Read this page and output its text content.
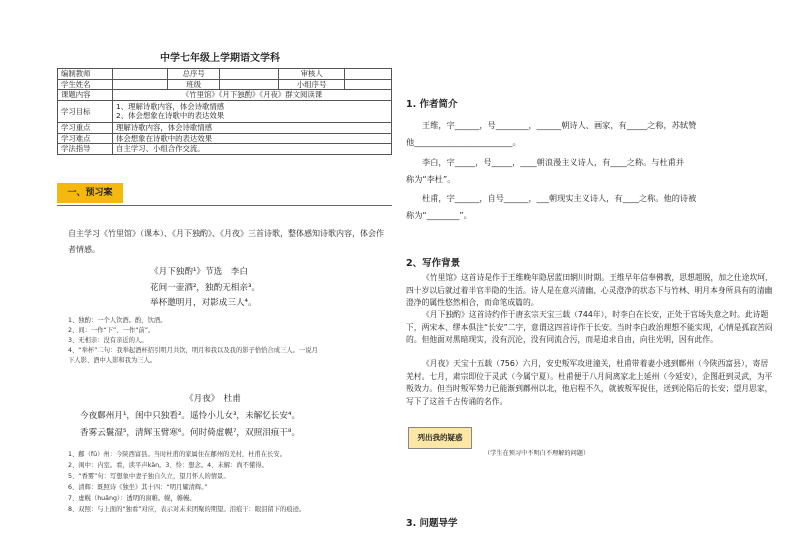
中学七年级上学期语文学科
编制教师		总序号		审核人	
学生姓名		班级		小组序号	
课题内容	《竹里馆》《月下独酌》《月夜》群文阅读课				
学习目标	1、理解诗歌内容，体会诗歌情感
2、体会想象在诗歌中的表达效果				

学习重点	理解诗歌内容，体会诗歌情感				
学习难点	体会想象在诗歌中的表达效果				
学法指导	自主学习、小组合作交流。				
一、预习案
自主学习《竹里馆》（课本）、《月下独酌》、《月夜》三首诗歌，整体感知诗歌内容，体会作者情感。
《月下独酌¹》节选　李白
花间一壶酒²，独酌无相亲³。
举杯邀明月，对影成三人⁴。
1、独酌：一个人饮酒。酌，饮酒。
2、间：一作“下”、一作“前”。
3、无相亲：没有亲近的人。
4、“举杯”二句：我举起酒杯招引明月共饮，明月和我以及我的影子恰恰合成三人。一说月
下人影、酒中人影和我为三人。
《月夜》　杜甫
今夜鄜州月¹，闺中只独看²。遥怜小儿女³，未解忆长安⁴。
香雾云鬟湿⁵，清辉玉臂寒⁶。何时倚虚幌⁷，双照泪痕干⁸。
1、鄜（fū）州：今陕西富县。当时杜甫的家属住在鄜州的羌村，杜甫在长安。
2、闺中：内室。看，读平声kān。3、怜：想念。4、未解：尚不懂得。
5、“香雾”句：写想象中妻子独自久立，望月怀人的情景。
6、清辉：既照诗《独坐》其十四：“明月耀清辉。”
7、虚幌（huǎng）：透明的窗帷。幌，帷幔。
8、双照：与上面的“独看”对应，表示对未来团聚的期望。泪痕干：眼泪留下的痕迹。
1. 作者简介
王维，字______，号________，______朝诗人、画家，有_____之称，苏轼赞
他________________________。
李白，字_____，号_____，____朝浪漫主义诗人，有____之称。与杜甫并
称为“李杜”。
杜甫，字______，自号______，___朝现实主义诗人，有____之称。他的诗被
称为“________”。
2、写作背景
《竹里馆》这首诗是作于王维晚年隐居蓝田辋川时期。王维早年信奉佛教，思想超脱，加之仕途坎坷，四十岁以后就过着半官半隐的生活。诗人是在意兴清幽、心灵澄净的状态下与竹林、明月本身所具有的清幽澄净的属性悠然相合，而命笔成篇的。
《月下独酌》这首诗约作于唐玄宗天宝三载（744年），时李白在长安，正处于官场失意之时。此诗题下，两宋本、缪本俱注“长安”二字，意谓这四首诗作于长安。当时李白政治理想不能实现，心情是孤寂苦闷的。但他面对黑暗现实，没有沉沦，没有同流合污，而是追求自由，向往光明，因有此作。
《月夜》天宝十五载（756）六月，安史叛军攻进潼关，杜甫带着妻小逃到鄜州（今陕西富县），寄居羌村。七月，肃宗即位于灵武（今属宁夏）。杜甫便于八月间离家北上延州（今延安），企图赶到灵武，为平叛效力。但当时叛军势力已能渐到鄜州以北，他启程不久，就被叛军捉住，送到沦陷后的长安；望月思家，写下了这首千古传诵的名作。
列出我的疑惑
（学生在预习中不明白不理解的问题）
3. 问题导学
